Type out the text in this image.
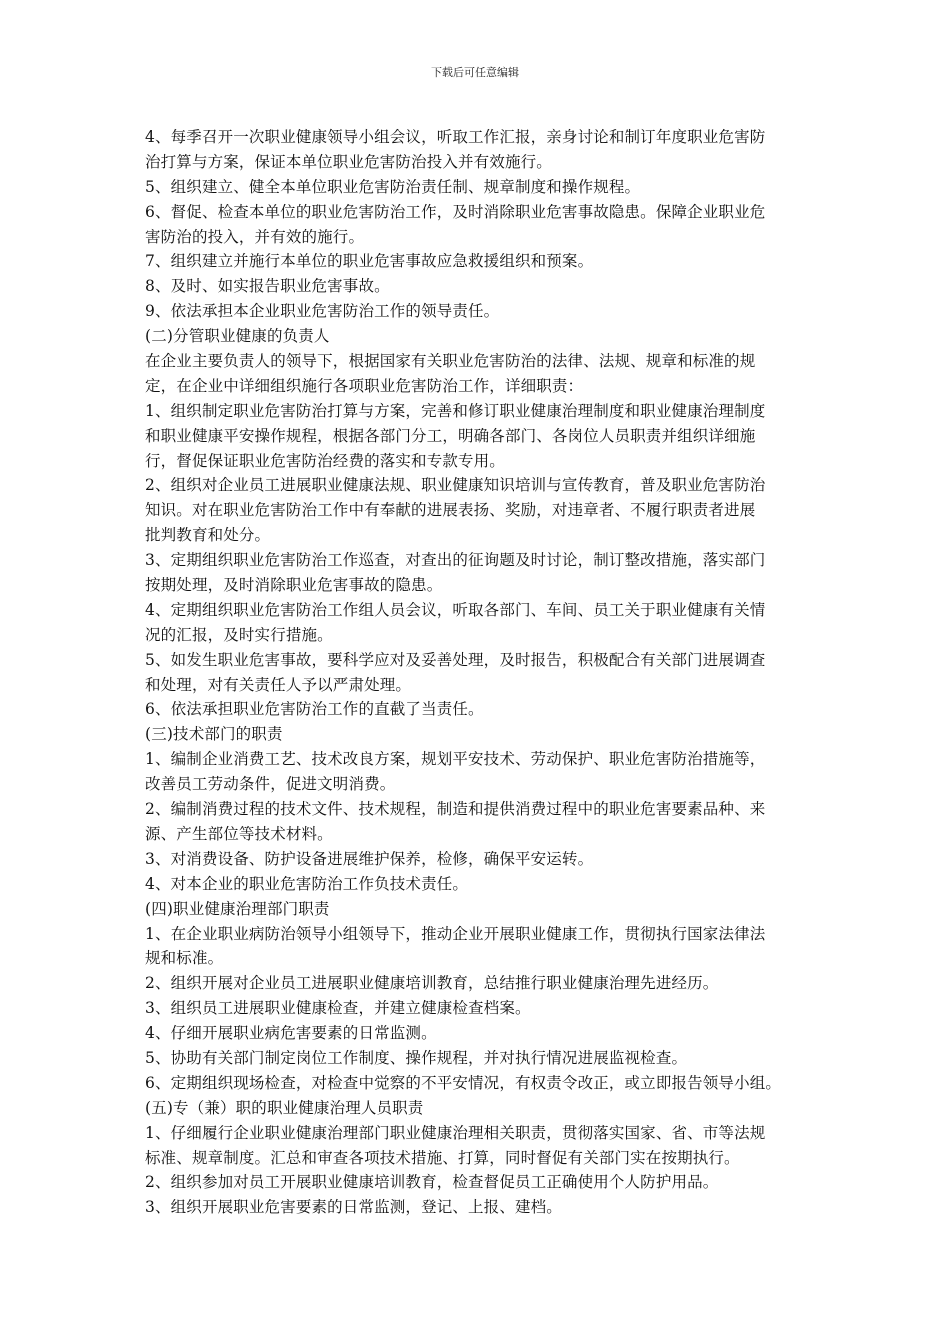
下载后可任意编辑
4、每季召开一次职业健康领导小组会议，听取工作汇报，亲身讨论和制订年度职业危害防
治打算与方案，保证本单位职业危害防治投入并有效施行。
5、组织建立、健全本单位职业危害防治责任制、规章制度和操作规程。
6、督促、检查本单位的职业危害防治工作，及时消除职业危害事故隐患。保障企业职业危
害防治的投入，并有效的施行。
7、组织建立并施行本单位的职业危害事故应急救援组织和预案。
8、及时、如实报告职业危害事故。
9、依法承担本企业职业危害防治工作的领导责任。
(二)分管职业健康的负责人
在企业主要负责人的领导下，根据国家有关职业危害防治的法律、法规、规章和标准的规
定，在企业中详细组织施行各项职业危害防治工作，详细职责：
1、组织制定职业危害防治打算与方案，完善和修订职业健康治理制度和职业健康治理制度
和职业健康平安操作规程，根据各部门分工，明确各部门、各岗位人员职责并组织详细施
行，督促保证职业危害防治经费的落实和专款专用。
2、组织对企业员工进展职业健康法规、职业健康知识培训与宣传教育，普及职业危害防治
知识。对在职业危害防治工作中有奉献的进展表扬、奖励，对违章者、不履行职责者进展
批判教育和处分。
3、定期组织职业危害防治工作巡查，对查出的征询题及时讨论，制订整改措施，落实部门
按期处理，及时消除职业危害事故的隐患。
4、定期组织职业危害防治工作组人员会议，听取各部门、车间、员工关于职业健康有关情
况的汇报，及时实行措施。
5、如发生职业危害事故，要科学应对及妥善处理，及时报告，积极配合有关部门进展调查
和处理，对有关责任人予以严肃处理。
6、依法承担职业危害防治工作的直截了当责任。
(三)技术部门的职责
1、编制企业消费工艺、技术改良方案，规划平安技术、劳动保护、职业危害防治措施等，
改善员工劳动条件，促进文明消费。
2、编制消费过程的技术文件、技术规程，制造和提供消费过程中的职业危害要素品种、来
源、产生部位等技术材料。
3、对消费设备、防护设备进展维护保养，检修，确保平安运转。
4、对本企业的职业危害防治工作负技术责任。
(四)职业健康治理部门职责
1、在企业职业病防治领导小组领导下，推动企业开展职业健康工作，贯彻执行国家法律法
规和标准。
2、组织开展对企业员工进展职业健康培训教育，总结推行职业健康治理先进经历。
3、组织员工进展职业健康检查，并建立健康检查档案。
4、仔细开展职业病危害要素的日常监测。
5、协助有关部门制定岗位工作制度、操作规程，并对执行情况进展监视检查。
6、定期组织现场检查，对检查中觉察的不平安情况，有权责令改正，或立即报告领导小组。
(五)专（兼）职的职业健康治理人员职责
1、仔细履行企业职业健康治理部门职业健康治理相关职责，贯彻落实国家、省、市等法规
标准、规章制度。汇总和审查各项技术措施、打算，同时督促有关部门实在按期执行。
2、组织参加对员工开展职业健康培训教育，检查督促员工正确使用个人防护用品。
3、组织开展职业危害要素的日常监测，登记、上报、建档。
